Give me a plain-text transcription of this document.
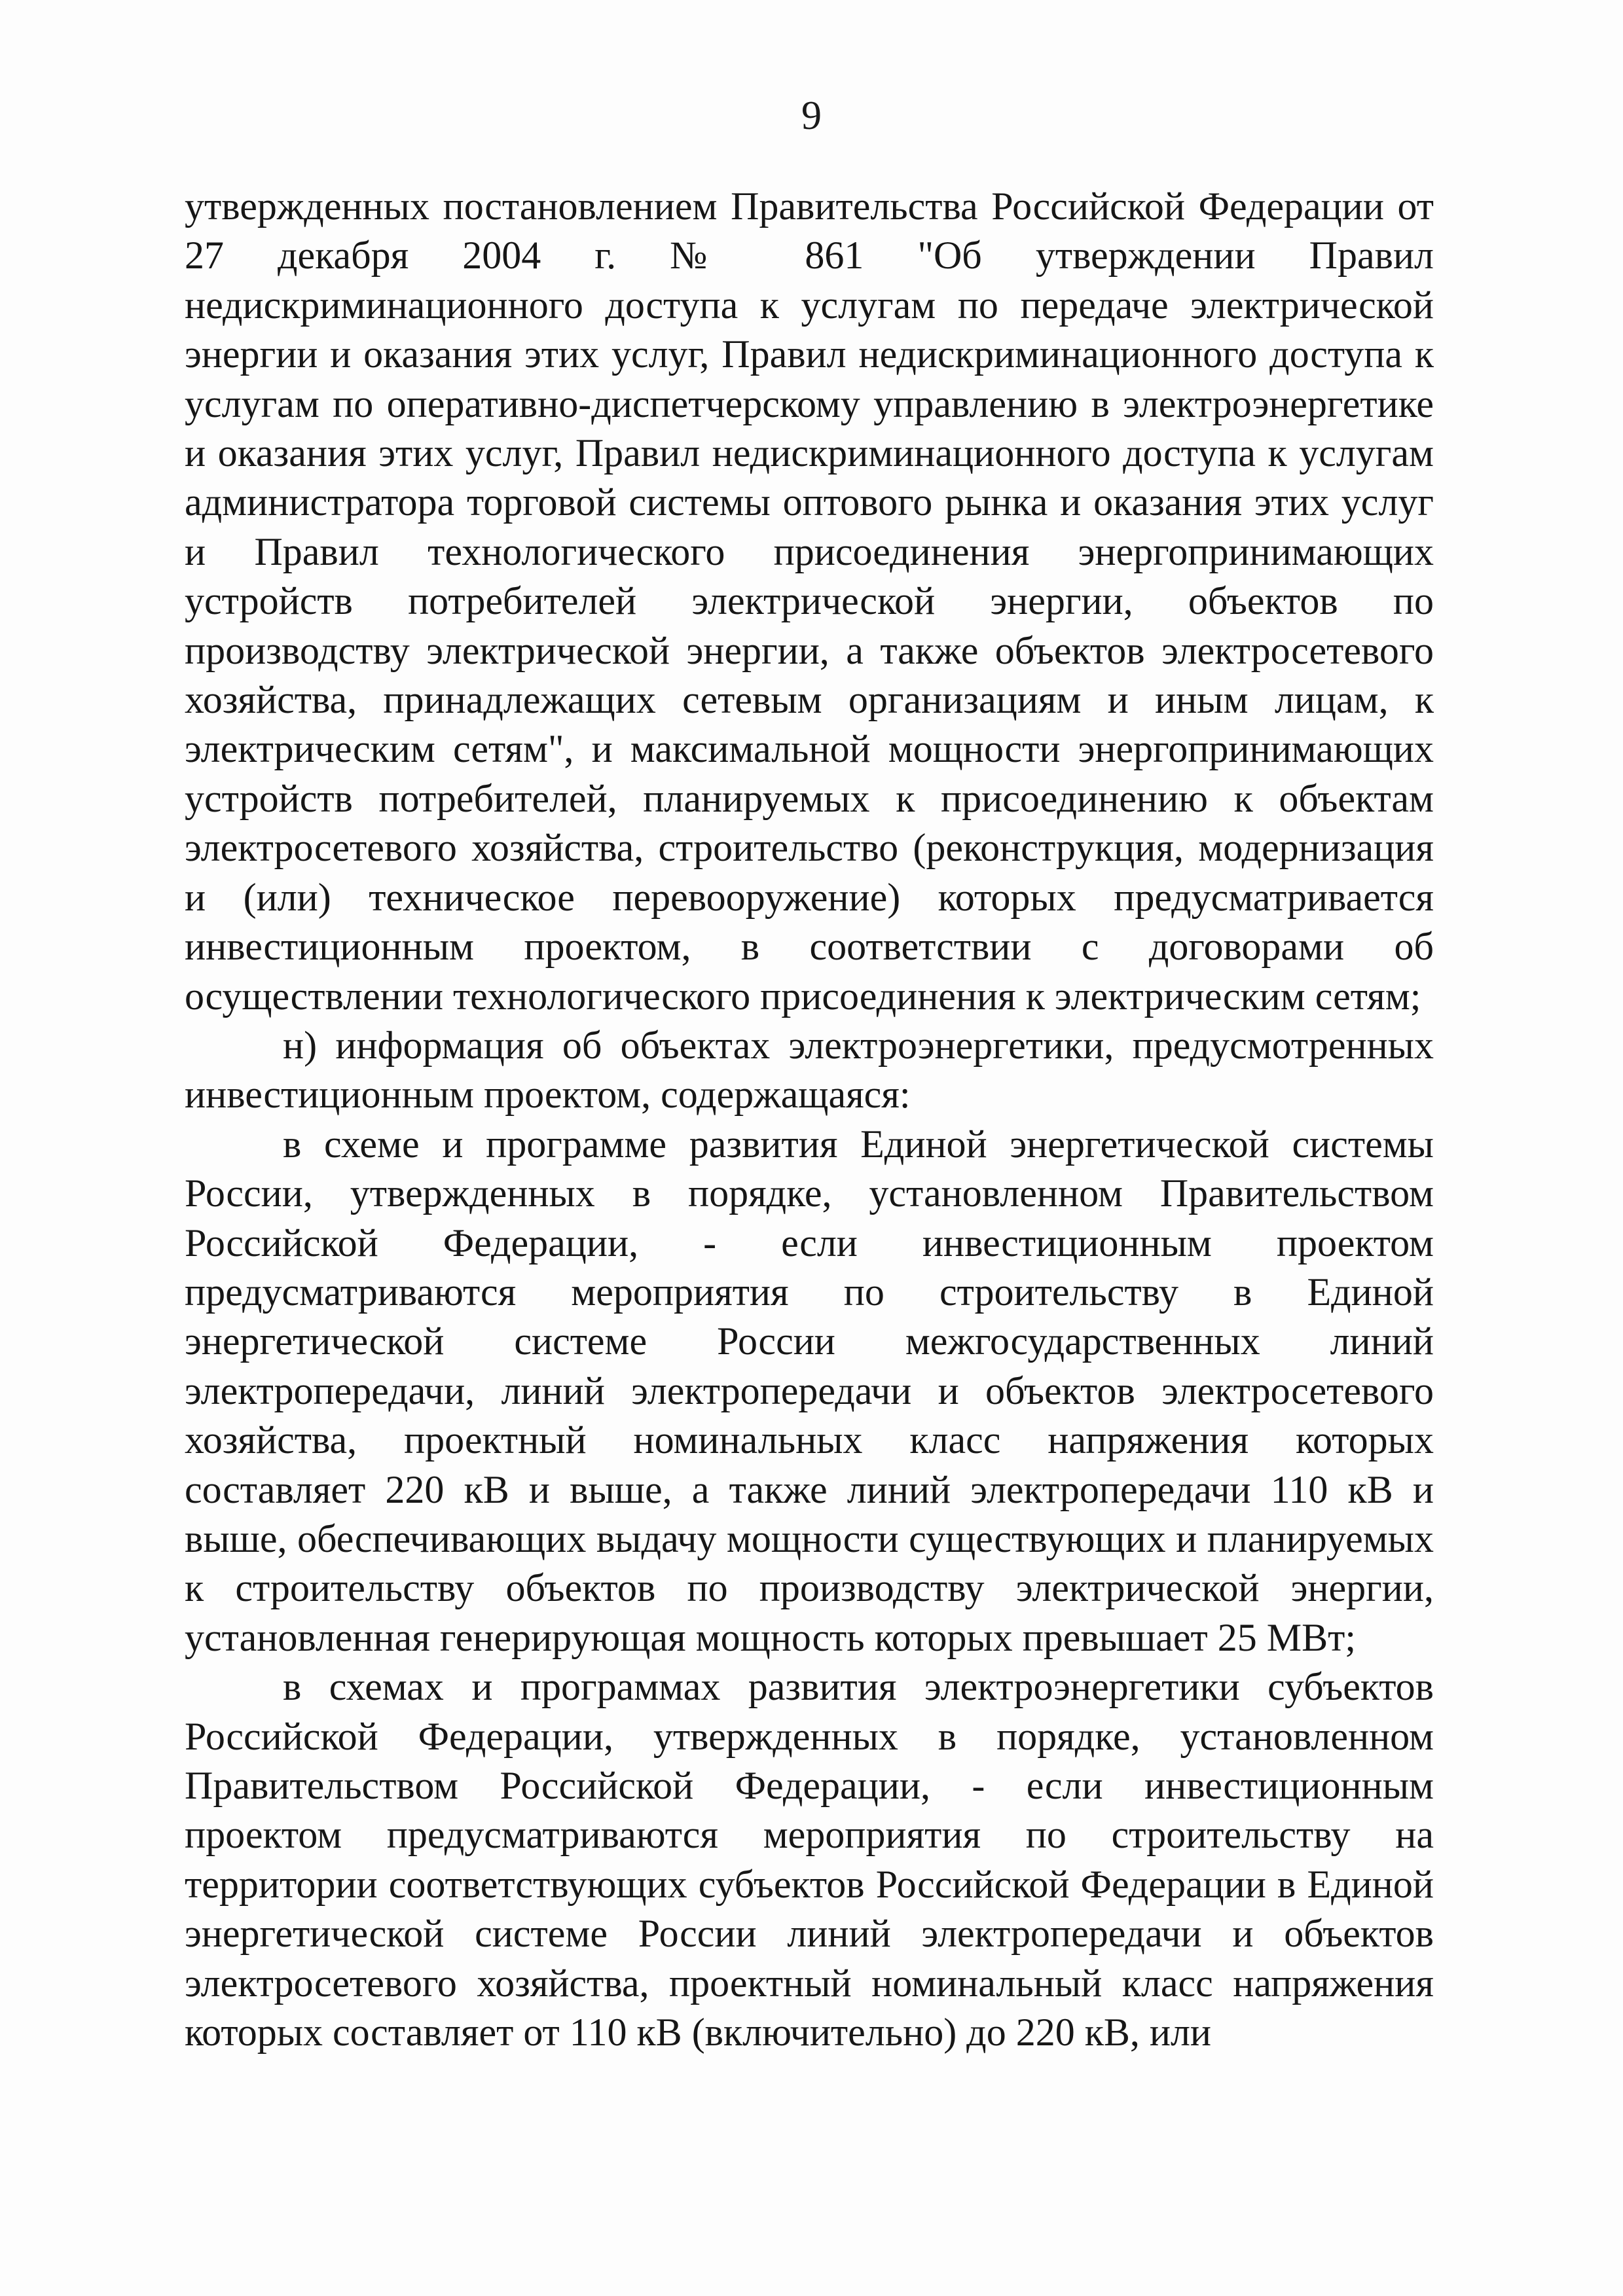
9

утвержденных постановлением Правительства Российской Федерации от 27 декабря 2004 г. № 861 "Об утверждении Правил недискриминационного доступа к услугам по передаче электрической энергии и оказания этих услуг, Правил недискриминационного доступа к услугам по оперативно-диспетчерскому управлению в электроэнергетике и оказания этих услуг, Правил недискриминационного доступа к услугам администратора торговой системы оптового рынка и оказания этих услуг и Правил технологического присоединения энергопринимающих устройств потребителей электрической энергии, объектов по производству электрической энергии, а также объектов электросетевого хозяйства, принадлежащих сетевым организациям и иным лицам, к электрическим сетям", и максимальной мощности энергопринимающих устройств потребителей, планируемых к присоединению к объектам электросетевого хозяйства, строительство (реконструкция, модернизация и (или) техническое перевооружение) которых предусматривается инвестиционным проектом, в соответствии с договорами об осуществлении технологического присоединения к электрическим сетям;

н) информация об объектах электроэнергетики, предусмотренных инвестиционным проектом, содержащаяся:

в схеме и программе развития Единой энергетической системы России, утвержденных в порядке, установленном Правительством Российской Федерации, - если инвестиционным проектом предусматриваются мероприятия по строительству в Единой энергетической системе России межгосударственных линий электропередачи, линий электропередачи и объектов электросетевого хозяйства, проектный номинальных класс напряжения которых составляет 220 кВ и выше, а также линий электропередачи 110 кВ и выше, обеспечивающих выдачу мощности существующих и планируемых к строительству объектов по производству электрической энергии, установленная генерирующая мощность которых превышает 25 МВт;

в схемах и программах развития электроэнергетики субъектов Российской Федерации, утвержденных в порядке, установленном Правительством Российской Федерации, - если инвестиционным проектом предусматриваются мероприятия по строительству на территории соответствующих субъектов Российской Федерации в Единой энергетической системе России линий электропередачи и объектов электросетевого хозяйства, проектный номинальный класс напряжения которых составляет от 110 кВ (включительно) до 220 кВ, или
